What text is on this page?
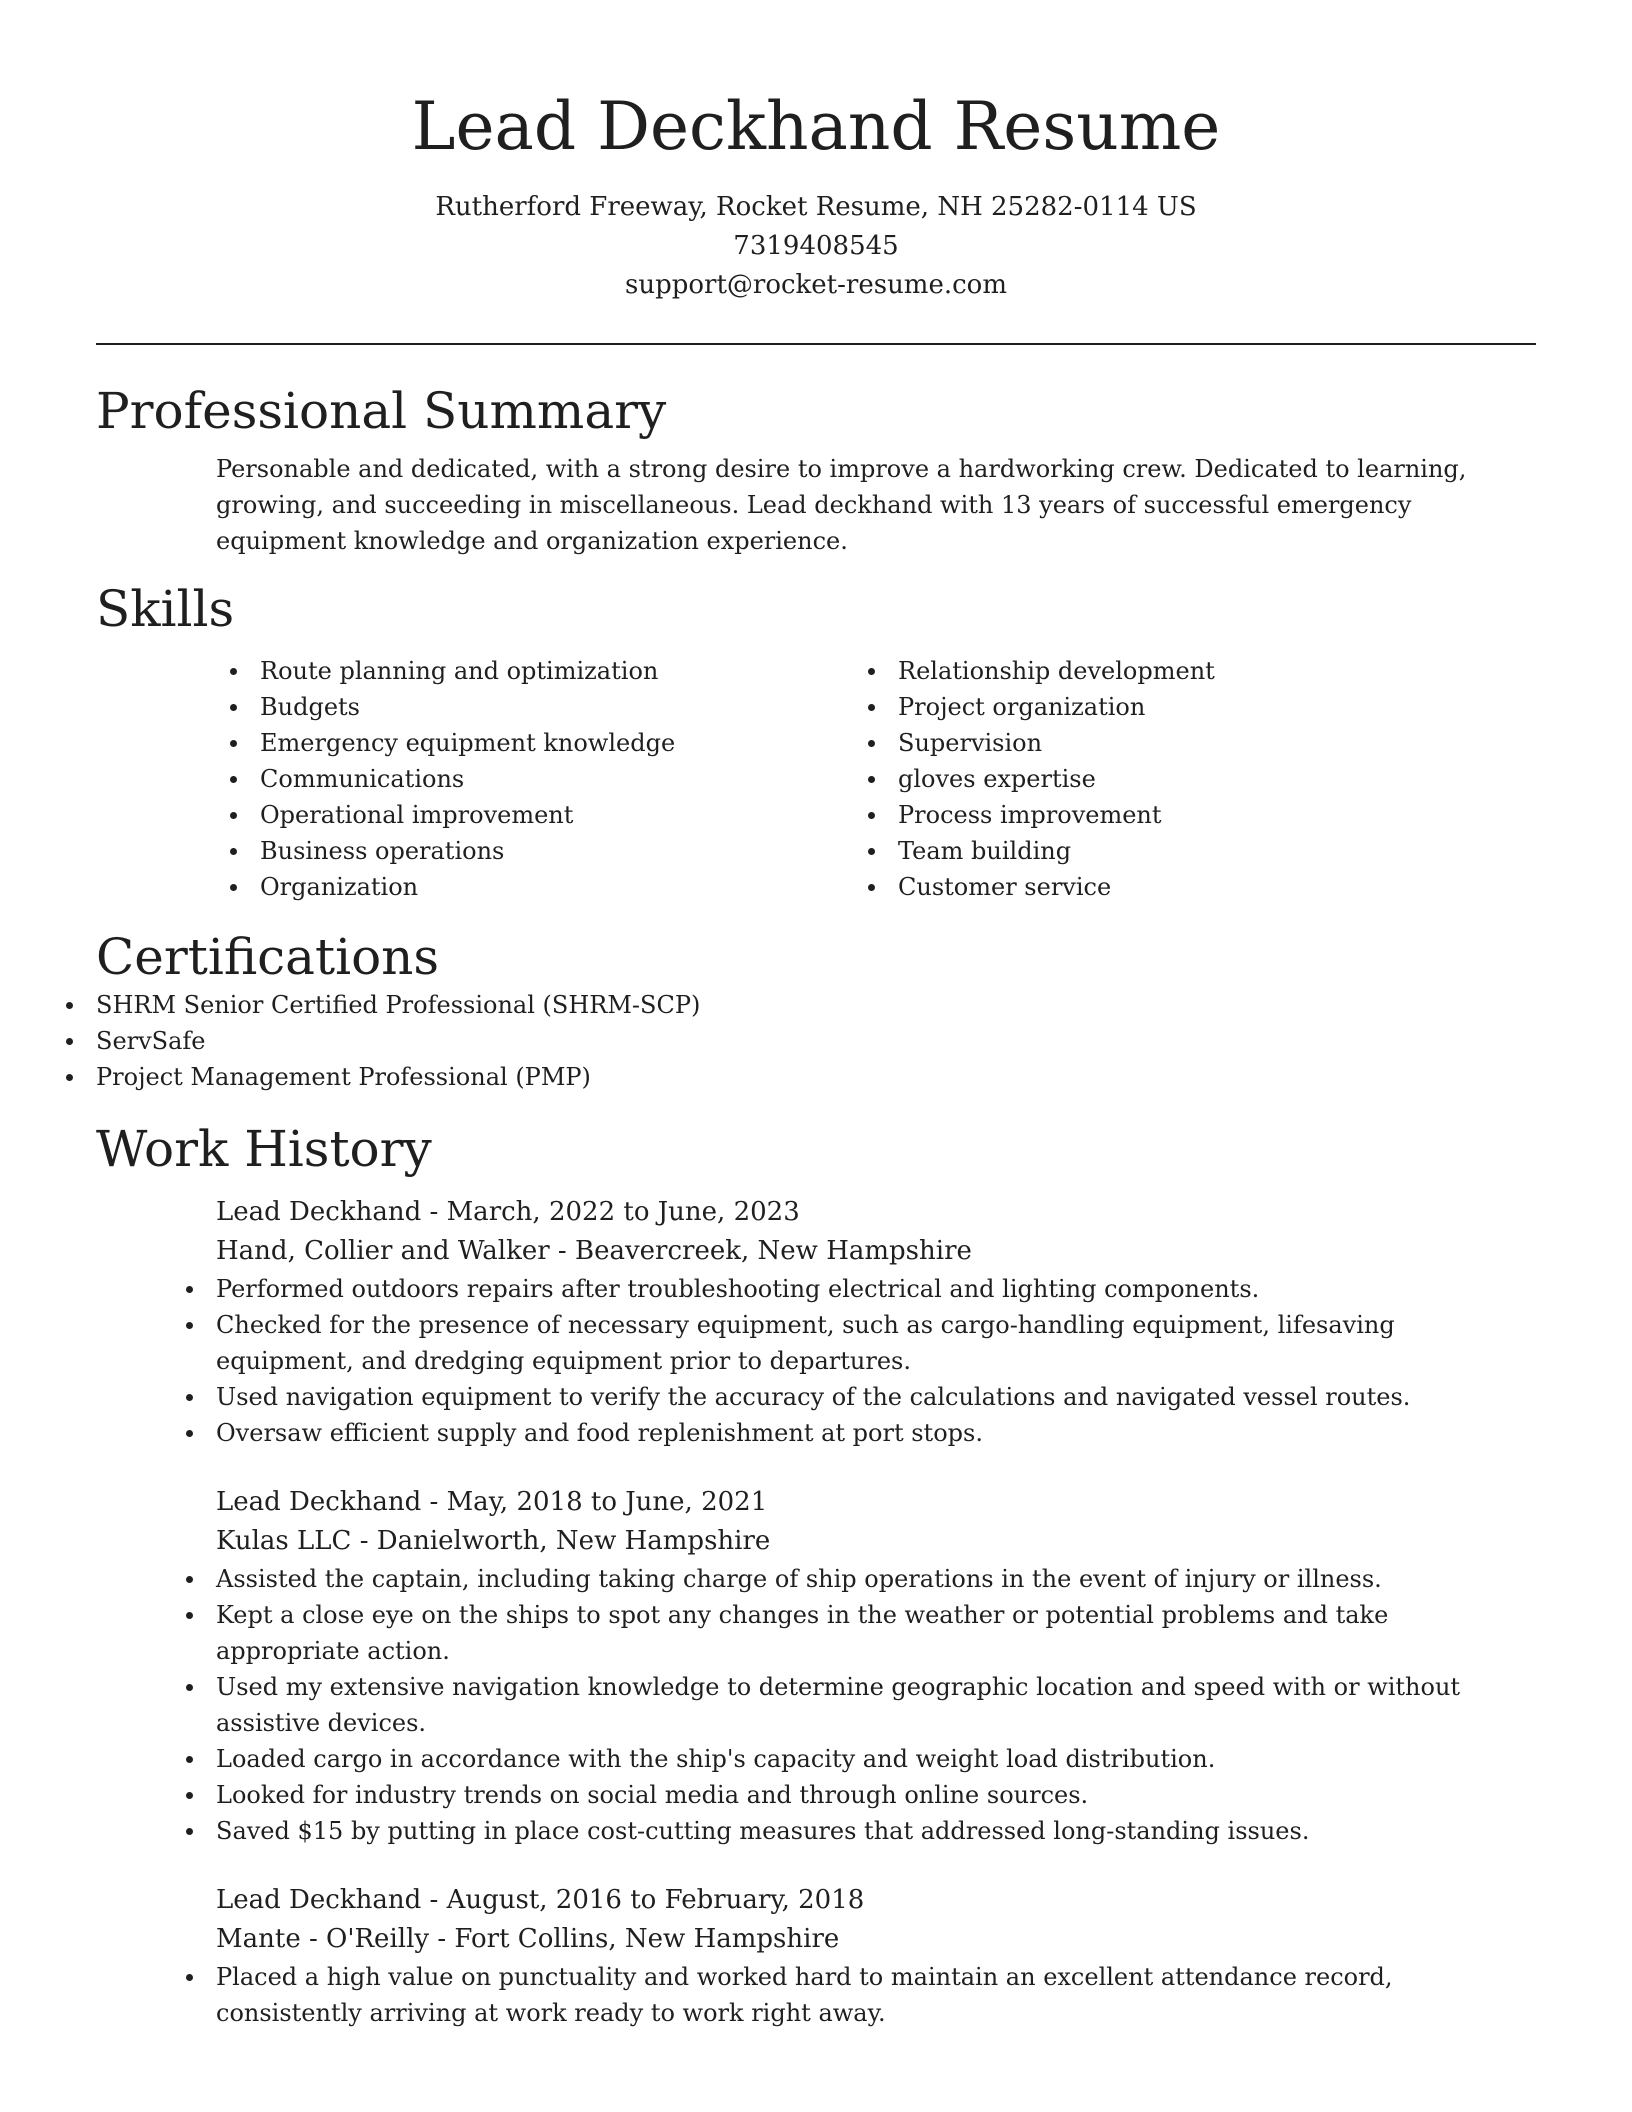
Lead Deckhand Resume
Rutherford Freeway, Rocket Resume, NH 25282-0114 US
7319408545
support@rocket-resume.com
Professional Summary

Personable and dedicated, with a strong desire to improve a hardworking crew. Dedicated to learning, growing, and succeeding in miscellaneous. Lead deckhand with 13 years of successful emergency equipment knowledge and organization experience.

Skills
Route planning and optimization
Budgets
Emergency equipment knowledge
Communications
Operational improvement
Business operations
Organization
Relationship development
Project organization
Supervision
gloves expertise
Process improvement
Team building
Customer service
Certifications
SHRM Senior Certified Professional (SHRM-SCP)
ServSafe
Project Management Professional (PMP)
Work History
Lead Deckhand - March, 2022 to June, 2023
Hand, Collier and Walker - Beavercreek, New Hampshire
Performed outdoors repairs after troubleshooting electrical and lighting components.
Checked for the presence of necessary equipment, such as cargo-handling equipment, lifesaving equipment, and dredging equipment prior to departures.
Used navigation equipment to verify the accuracy of the calculations and navigated vessel routes.
Oversaw efficient supply and food replenishment at port stops.
Lead Deckhand - May, 2018 to June, 2021
Kulas LLC - Danielworth, New Hampshire
Assisted the captain, including taking charge of ship operations in the event of injury or illness.
Kept a close eye on the ships to spot any changes in the weather or potential problems and take appropriate action.
Used my extensive navigation knowledge to determine geographic location and speed with or without assistive devices.
Loaded cargo in accordance with the ship's capacity and weight load distribution.
Looked for industry trends on social media and through online sources.
Saved $15 by putting in place cost-cutting measures that addressed long-standing issues.
Lead Deckhand - August, 2016 to February, 2018
Mante - O'Reilly - Fort Collins, New Hampshire
Placed a high value on punctuality and worked hard to maintain an excellent attendance record, consistently arriving at work ready to work right away.
